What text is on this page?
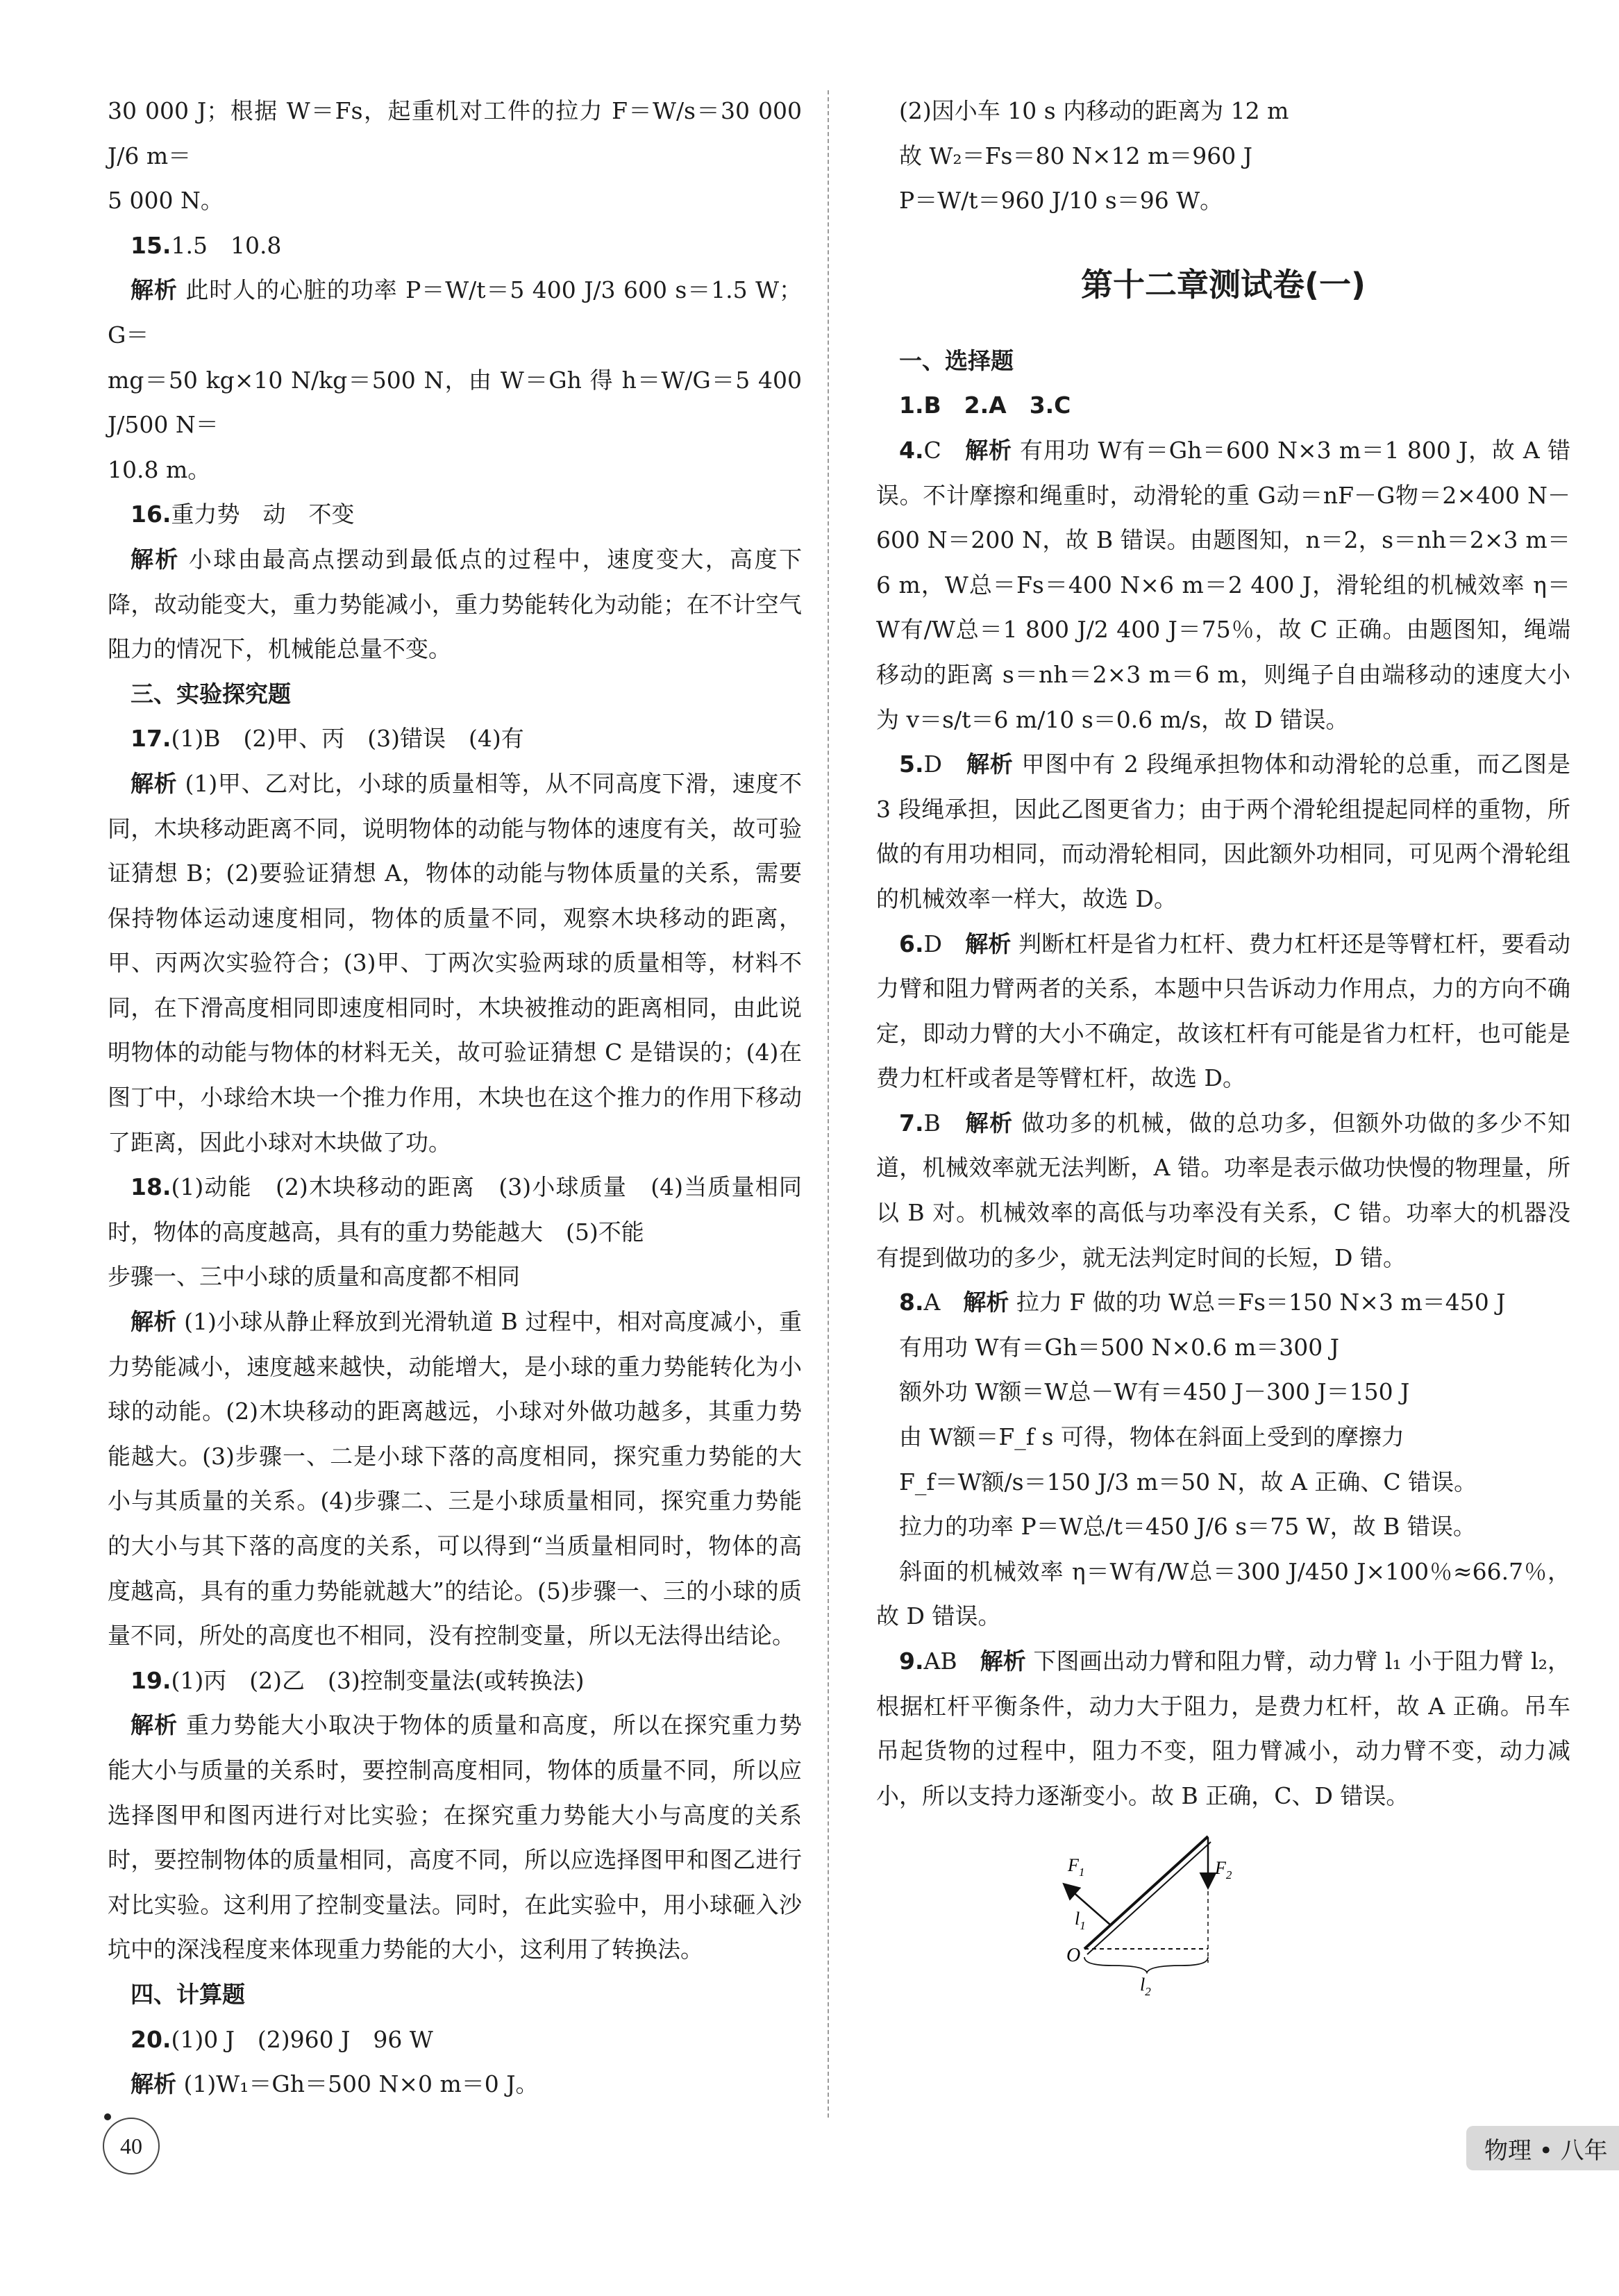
30 000 J；根据 W＝Fs，起重机对工件的拉力 F＝W/s＝30 000 J/6 m＝

5 000 N。

15.1.5　10.8

解析 此时人的心脏的功率 P＝W/t＝5 400 J/3 600 s＝1.5 W；G＝

mg＝50 kg×10 N/kg＝500 N，由 W＝Gh 得 h＝W/G＝5 400 J/500 N＝

10.8 m。

16.重力势　动　不变

解析 小球由最高点摆动到最低点的过程中，速度变大，高度下降，故动能变大，重力势能减小，重力势能转化为动能；在不计空气阻力的情况下，机械能总量不变。

三、实验探究题

17.(1)B　(2)甲、丙　(3)错误　(4)有

解析 (1)甲、乙对比，小球的质量相等，从不同高度下滑，速度不同，木块移动距离不同，说明物体的动能与物体的速度有关，故可验证猜想 B；(2)要验证猜想 A，物体的动能与物体质量的关系，需要保持物体运动速度相同，物体的质量不同，观察木块移动的距离，甲、丙两次实验符合；(3)甲、丁两次实验两球的质量相等，材料不同，在下滑高度相同即速度相同时，木块被推动的距离相同，由此说明物体的动能与物体的材料无关，故可验证猜想 C 是错误的；(4)在图丁中，小球给木块一个推力作用，木块也在这个推力的作用下移动了距离，因此小球对木块做了功。

18.(1)动能　(2)木块移动的距离　(3)小球质量　(4)当质量相同时，物体的高度越高，具有的重力势能越大　(5)不能

步骤一、三中小球的质量和高度都不相同

解析 (1)小球从静止释放到光滑轨道 B 过程中，相对高度减小，重力势能减小，速度越来越快，动能增大，是小球的重力势能转化为小球的动能。(2)木块移动的距离越远，小球对外做功越多，其重力势能越大。(3)步骤一、二是小球下落的高度相同，探究重力势能的大小与其质量的关系。(4)步骤二、三是小球质量相同，探究重力势能的大小与其下落的高度的关系，可以得到“当质量相同时，物体的高度越高，具有的重力势能就越大”的结论。(5)步骤一、三的小球的质量不同，所处的高度也不相同，没有控制变量，所以无法得出结论。

19.(1)丙　(2)乙　(3)控制变量法(或转换法)

解析 重力势能大小取决于物体的质量和高度，所以在探究重力势能大小与质量的关系时，要控制高度相同，物体的质量不同，所以应选择图甲和图丙进行对比实验；在探究重力势能大小与高度的关系时，要控制物体的质量相同，高度不同，所以应选择图甲和图乙进行对比实验。这利用了控制变量法。同时，在此实验中，用小球砸入沙坑中的深浅程度来体现重力势能的大小，这利用了转换法。

四、计算题

20.(1)0 J　(2)960 J　96 W

解析 (1)W₁＝Gh＝500 N×0 m＝0 J。

(2)因小车 10 s 内移动的距离为 12 m

故 W₂＝Fs＝80 N×12 m＝960 J

P＝W/t＝960 J/10 s＝96 W。

第十二章测试卷(一)

一、选择题

1.B　2.A　3.C

4.C　 解析 有用功 W有＝Gh＝600 N×3 m＝1 800 J，故 A 错误。不计摩擦和绳重时，动滑轮的重 G动＝nF－G物＝2×400 N－600 N＝200 N，故 B 错误。由题图知，n＝2，s＝nh＝2×3 m＝6 m，W总＝Fs＝400 N×6 m＝2 400 J，滑轮组的机械效率 η＝W有/W总＝1 800 J/2 400 J＝75％，故 C 正确。由题图知，绳端移动的距离 s＝nh＝2×3 m＝6 m，则绳子自由端移动的速度大小为 v＝s/t＝6 m/10 s＝0.6 m/s，故 D 错误。

5.D　 解析 甲图中有 2 段绳承担物体和动滑轮的总重，而乙图是 3 段绳承担，因此乙图更省力；由于两个滑轮组提起同样的重物，所做的有用功相同，而动滑轮相同，因此额外功相同，可见两个滑轮组的机械效率一样大，故选 D。

6.D　 解析 判断杠杆是省力杠杆、费力杠杆还是等臂杠杆，要看动力臂和阻力臂两者的关系，本题中只告诉动力作用点，力的方向不确定，即动力臂的大小不确定，故该杠杆有可能是省力杠杆，也可能是费力杠杆或者是等臂杠杆，故选 D。

7.B　 解析 做功多的机械，做的总功多，但额外功做的多少不知道，机械效率就无法判断，A 错。功率是表示做功快慢的物理量，所以 B 对。机械效率的高低与功率没有关系，C 错。功率大的机器没有提到做功的多少，就无法判定时间的长短，D 错。

8.A　 解析 拉力 F 做的功 W总＝Fs＝150 N×3 m＝450 J

有用功 W有＝Gh＝500 N×0.6 m＝300 J

额外功 W额＝W总－W有＝450 J－300 J＝150 J

由 W额＝F_f s 可得，物体在斜面上受到的摩擦力

F_f＝W额/s＝150 J/3 m＝50 N，故 A 正确、C 错误。

拉力的功率 P＝W总/t＝450 J/6 s＝75 W，故 B 错误。

斜面的机械效率 η＝W有/W总＝300 J/450 J×100％≈66.7％，故 D 错误。

9.AB　 解析 下图画出动力臂和阻力臂，动力臂 l₁ 小于阻力臂 l₂，根据杠杆平衡条件，动力大于阻力，是费力杠杆，故 A 正确。吊车吊起货物的过程中，阻力不变，阻力臂减小，动力臂不变，动力减小，所以支持力逐渐变小。故 B 正确，C、D 错误。

$F_1$	$F_2$
$l_1$
O
$l_2$
40	物理 • 八年
